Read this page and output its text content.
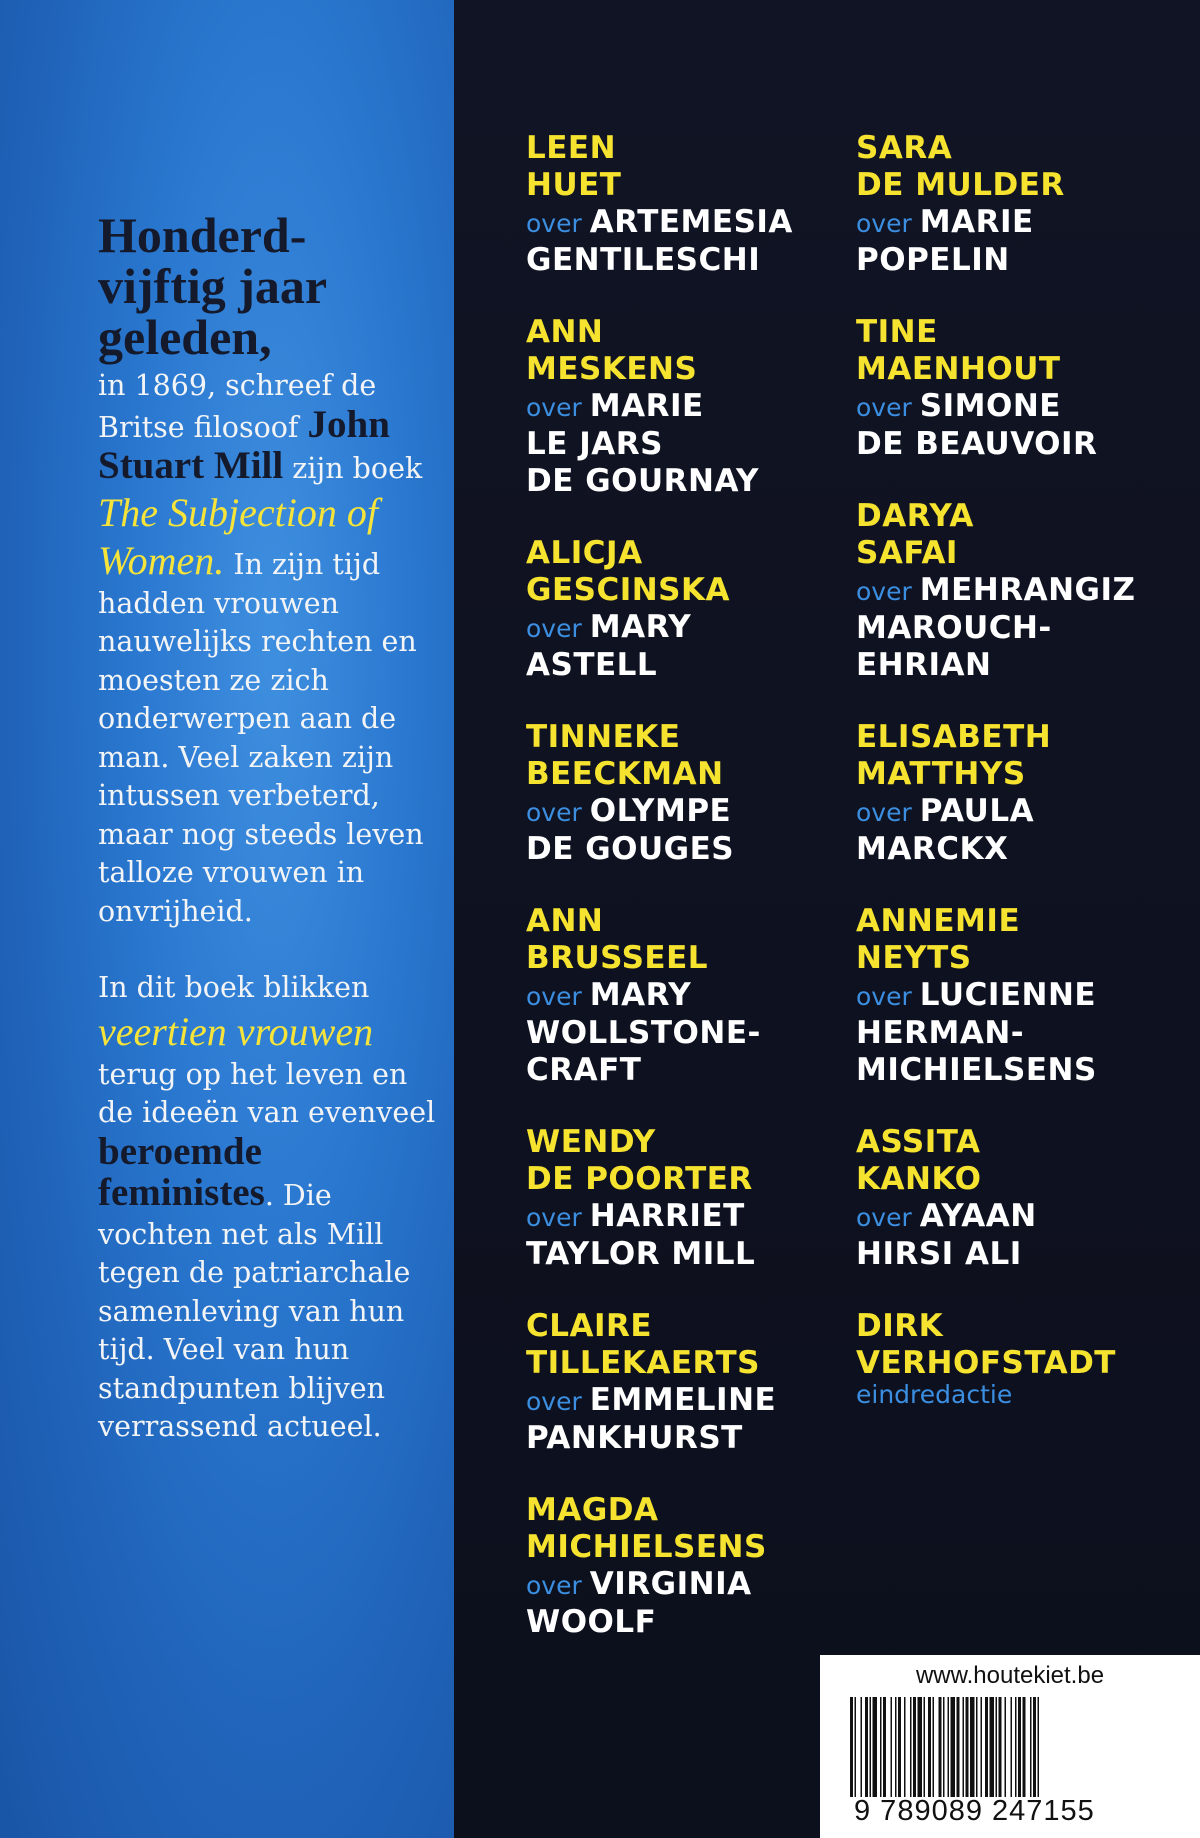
Honderd-
vijftig jaar
geleden,

in 1869, schreef de Britse filosoof John Stuart Mill zijn boek The Subjection of Women. In zijn tijd hadden vrouwen nauwelijks rechten en moesten ze zich onderwerpen aan de man. Veel zaken zijn intussen verbeterd, maar nog steeds leven talloze vrouwen in onvrijheid.

In dit boek blikken veertien vrouwen terug op het leven en de ideeën van evenveel beroemde feministes. Die vochten net als Mill tegen de patriarchale samenleving van hun tijd. Veel van hun standpunten blijven verrassend actueel.

LEEN
HUET
over ARTEMESIA
GENTILESCHI
ANN
MESKENS
over MARIE
LE JARS
DE GOURNAY
ALICJA
GESCINSKA
over MARY
ASTELL
TINNEKE
BEECKMAN
over OLYMPE
DE GOUGES
ANN
BRUSSEEL
over MARY
WOLLSTONE-
CRAFT
WENDY
DE POORTER
over HARRIET
TAYLOR MILL
CLAIRE
TILLEKAERTS
over EMMELINE
PANKHURST
MAGDA
MICHIELSENS
over VIRGINIA
WOOLF
SARA
DE MULDER
over MARIE
POPELIN
TINE
MAENHOUT
over SIMONE
DE BEAUVOIR
DARYA
SAFAI
over MEHRANGIZ
MAROUCH-
EHRIAN
ELISABETH
MATTHYS
over PAULA
MARCKX
ANNEMIE
NEYTS
over LUCIENNE
HERMAN-
MICHIELSENS
ASSITA
KANKO
over AYAAN
HIRSI ALI
DIRK
VERHOFSTADT
eindredactie
www.houtekiet.be
9 789089 247155
